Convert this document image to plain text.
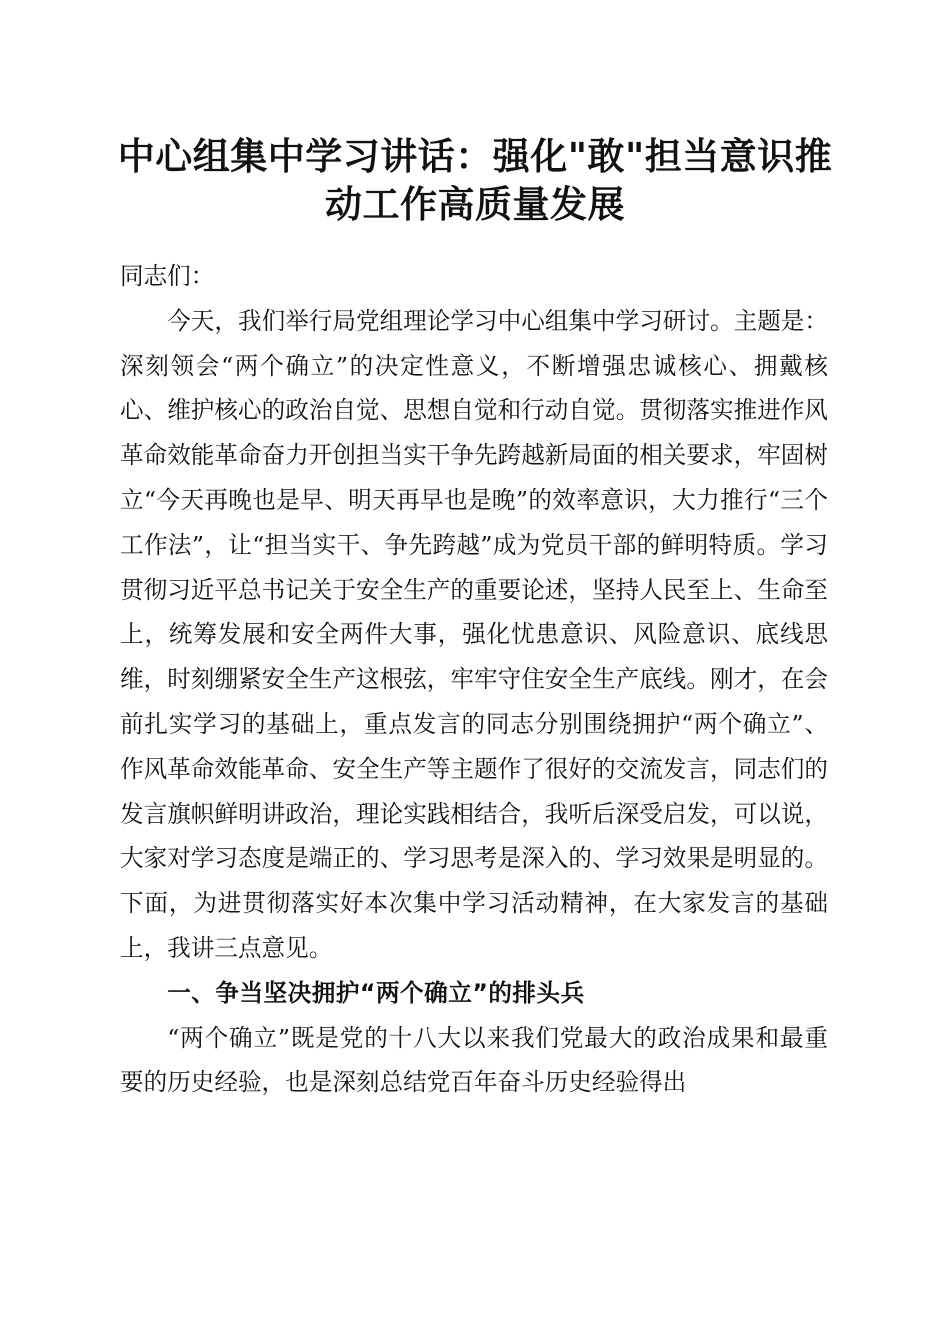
中心组集中学习讲话：强化"敢"担当意识推
动工作高质量发展

同志们：

今天，我们举行局党组理论学习中心组集中学习研讨。主题是：深刻领会“两个确立”的决定性意义，不断增强忠诚核心、拥戴核心、维护核心的政治自觉、思想自觉和行动自觉。贯彻落实推进作风革命效能革命奋力开创担当实干争先跨越新局面的相关要求，牢固树立“今天再晚也是早、明天再早也是晚”的效率意识，大力推行“三个工作法”，让“担当实干、争先跨越”成为党员干部的鲜明特质。学习贯彻习近平总书记关于安全生产的重要论述，坚持人民至上、生命至上，统筹发展和安全两件大事，强化忧患意识、风险意识、底线思维，时刻绷紧安全生产这根弦，牢牢守住安全生产底线。刚才，在会前扎实学习的基础上，重点发言的同志分别围绕拥护“两个确立”、作风革命效能革命、安全生产等主题作了很好的交流发言，同志们的发言旗帜鲜明讲政治，理论实践相结合，我听后深受启发，可以说，大家对学习态度是端正的、学习思考是深入的、学习效果是明显的。下面，为进贯彻落实好本次集中学习活动精神，在大家发言的基础上，我讲三点意见。

一、争当坚决拥护“两个确立”的排头兵

“两个确立”既是党的十八大以来我们党最大的政治成果和最重要的历史经验，也是深刻总结党百年奋斗历史经验得出
